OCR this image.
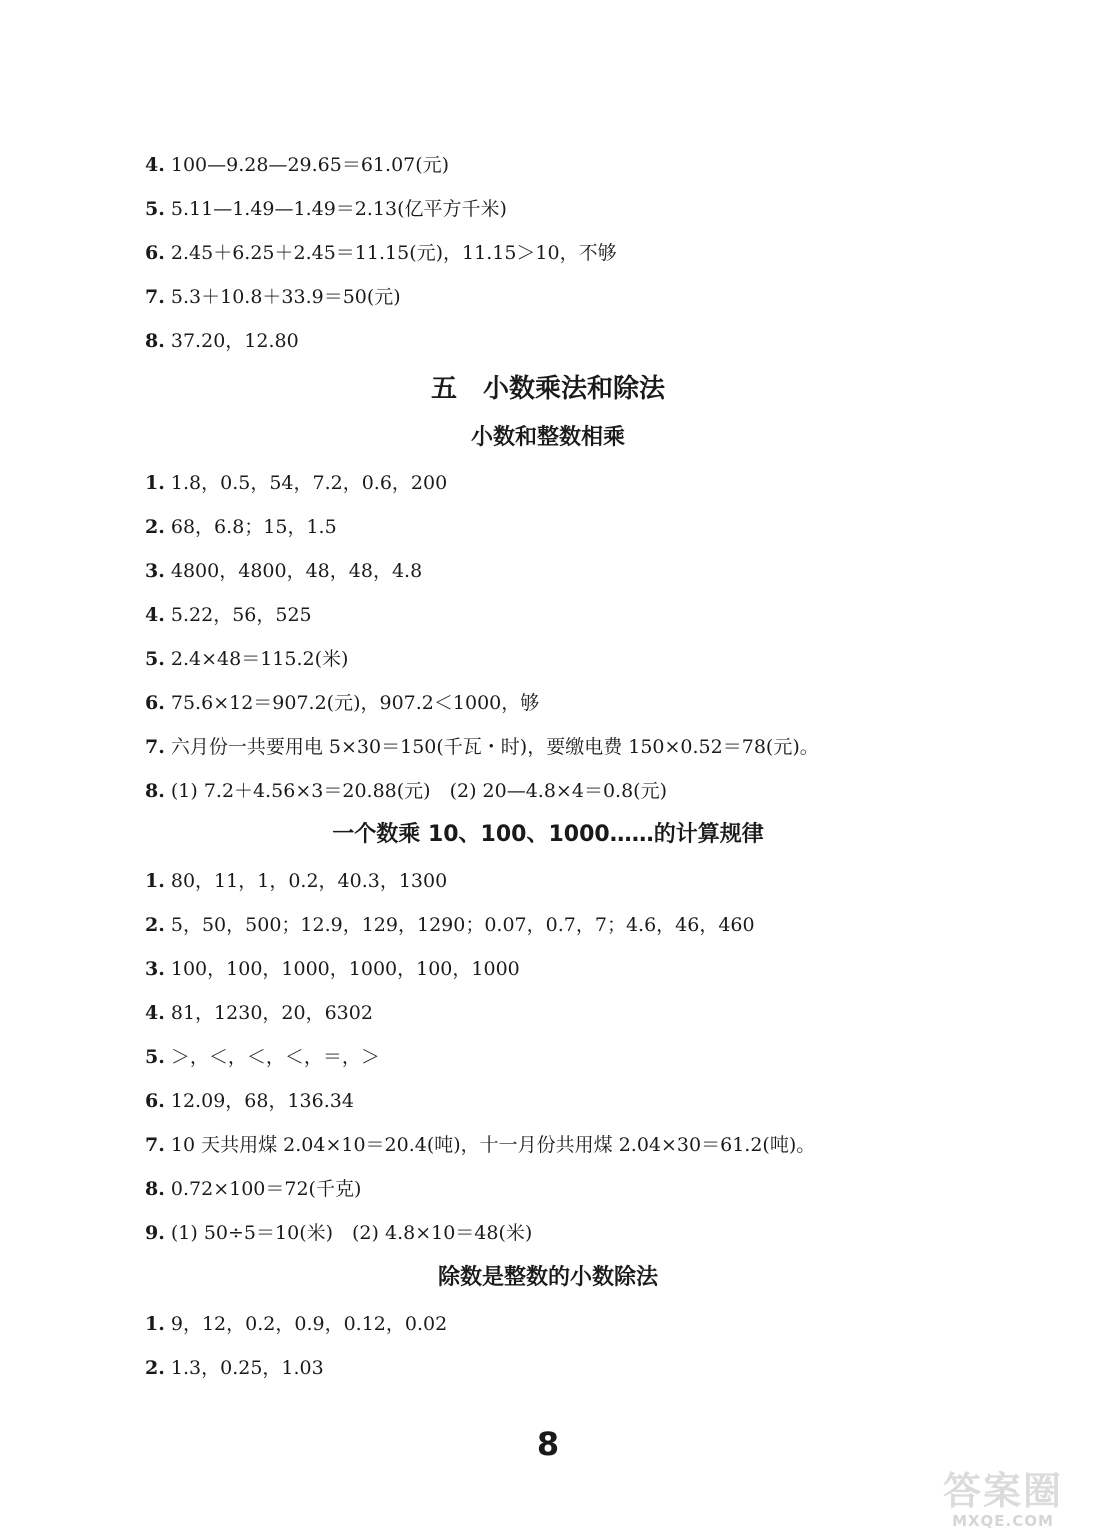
4. 100—9.28—29.65＝61.07(元)
5. 5.11—1.49—1.49＝2.13(亿平方千米)
6. 2.45＋6.25＋2.45＝11.15(元)，11.15＞10，不够
7. 5.3＋10.8＋33.9＝50(元)
8. 37.20，12.80
五　小数乘法和除法
小数和整数相乘
1. 1.8，0.5，54，7.2，0.6，200
2. 68，6.8；15，1.5
3. 4800，4800，48，48，4.8
4. 5.22，56，525
5. 2.4×48＝115.2(米)
6. 75.6×12＝907.2(元)，907.2＜1000，够
7. 六月份一共要用电 5×30＝150(千瓦・时)，要缴电费 150×0.52＝78(元)。
8. (1) 7.2＋4.56×3＝20.88(元)　(2) 20—4.8×4＝0.8(元)
一个数乘 10、100、1000……的计算规律
1. 80，11，1，0.2，40.3，1300
2. 5，50，500；12.9，129，1290；0.07，0.7，7；4.6，46，460
3. 100，100，1000，1000，100，1000
4. 81，1230，20，6302
5. ＞，＜，＜，＜，＝，＞
6. 12.09，68，136.34
7. 10 天共用煤 2.04×10＝20.4(吨)，十一月份共用煤 2.04×30＝61.2(吨)。
8. 0.72×100＝72(千克)
9. (1) 50÷5＝10(米)　(2) 4.8×10＝48(米)
除数是整数的小数除法
1. 9，12，0.2，0.9，0.12，0.02
2. 1.3，0.25，1.03
8
答案圈
MXQE.COM
